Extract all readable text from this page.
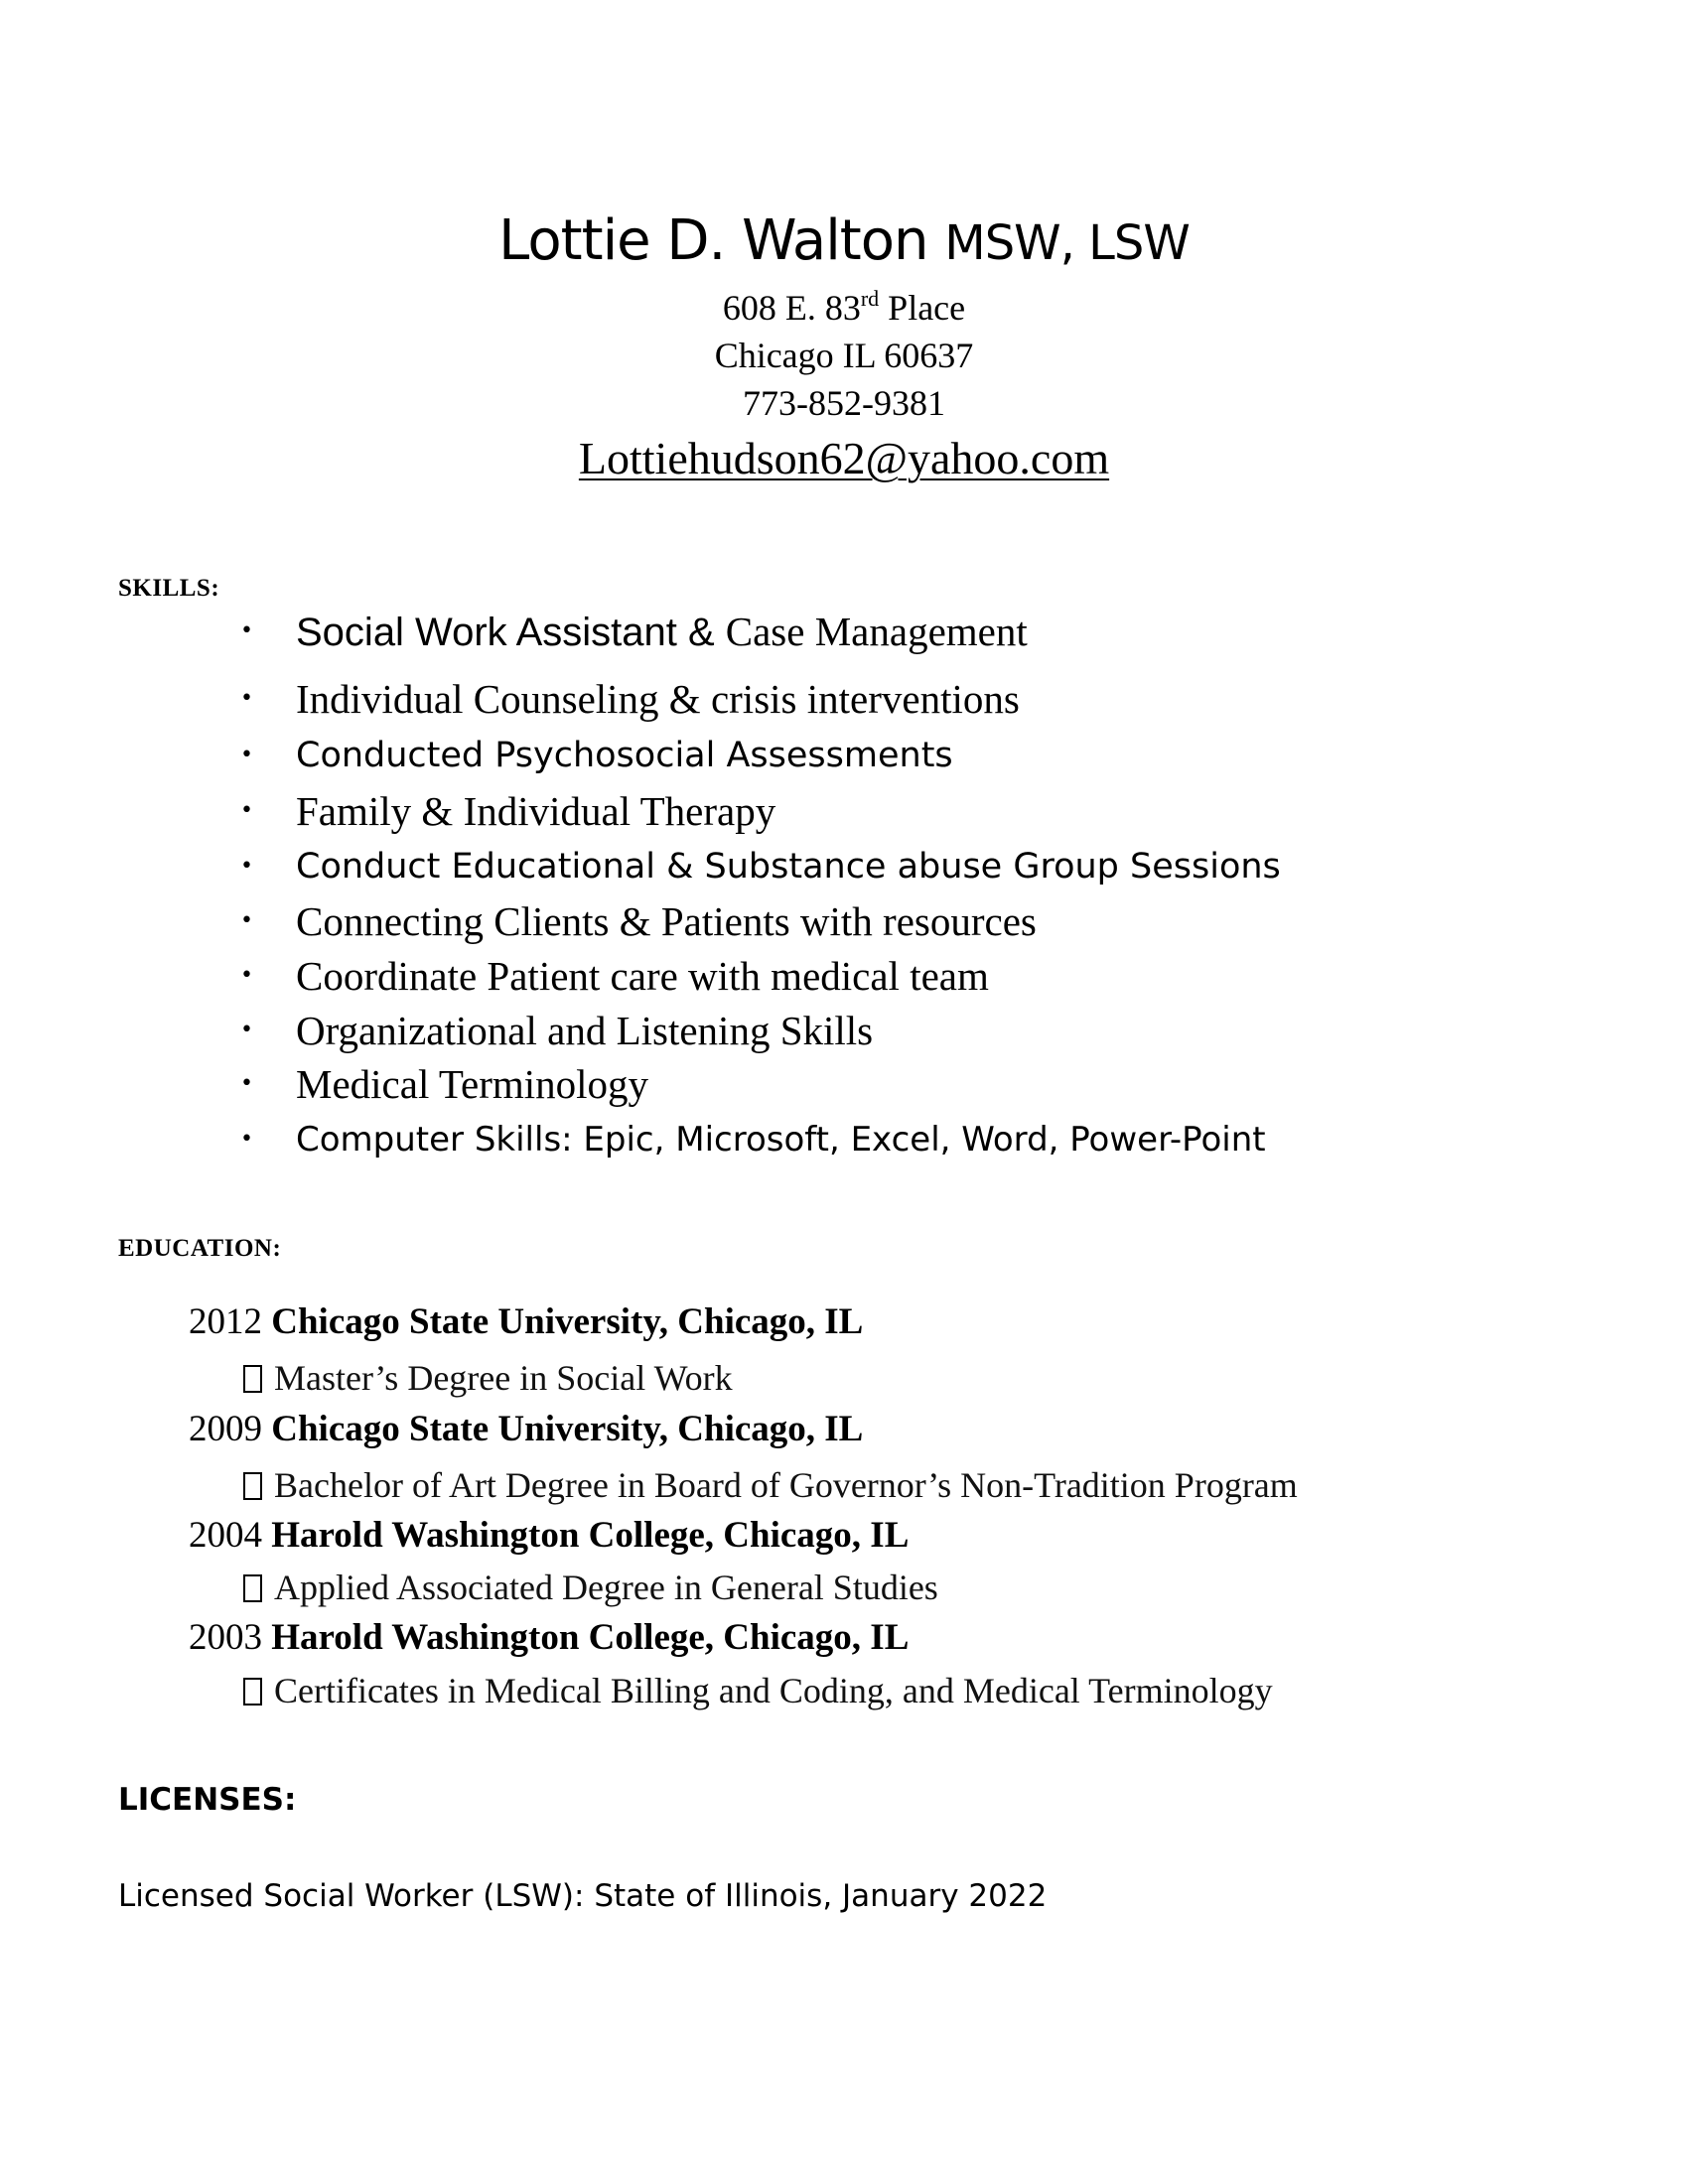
Lottie D. Walton MSW, LSW
608 E. 83rd Place
Chicago IL 60637
773-852-9381
Lottiehudson62@yahoo.com
SKILLS:
• Social Work Assistant & Case Management
• Individual Counseling & crisis interventions
• Conducted Psychosocial Assessments
• Family & Individual Therapy
• Conduct Educational & Substance abuse Group Sessions
• Connecting Clients & Patients with resources
• Coordinate Patient care with medical team
• Organizational and Listening Skills
• Medical Terminology
• Computer Skills: Epic, Microsoft, Excel, Word, Power-Point
EDUCATION:
2012 Chicago State University, Chicago, IL
Master’s Degree in Social Work
2009 Chicago State University, Chicago, IL
Bachelor of Art Degree in Board of Governor’s Non-Tradition Program
2004 Harold Washington College, Chicago, IL
Applied Associated Degree in General Studies
2003 Harold Washington College, Chicago, IL
Certificates in Medical Billing and Coding, and Medical Terminology
LICENSES:
Licensed Social Worker (LSW): State of Illinois, January 2022
